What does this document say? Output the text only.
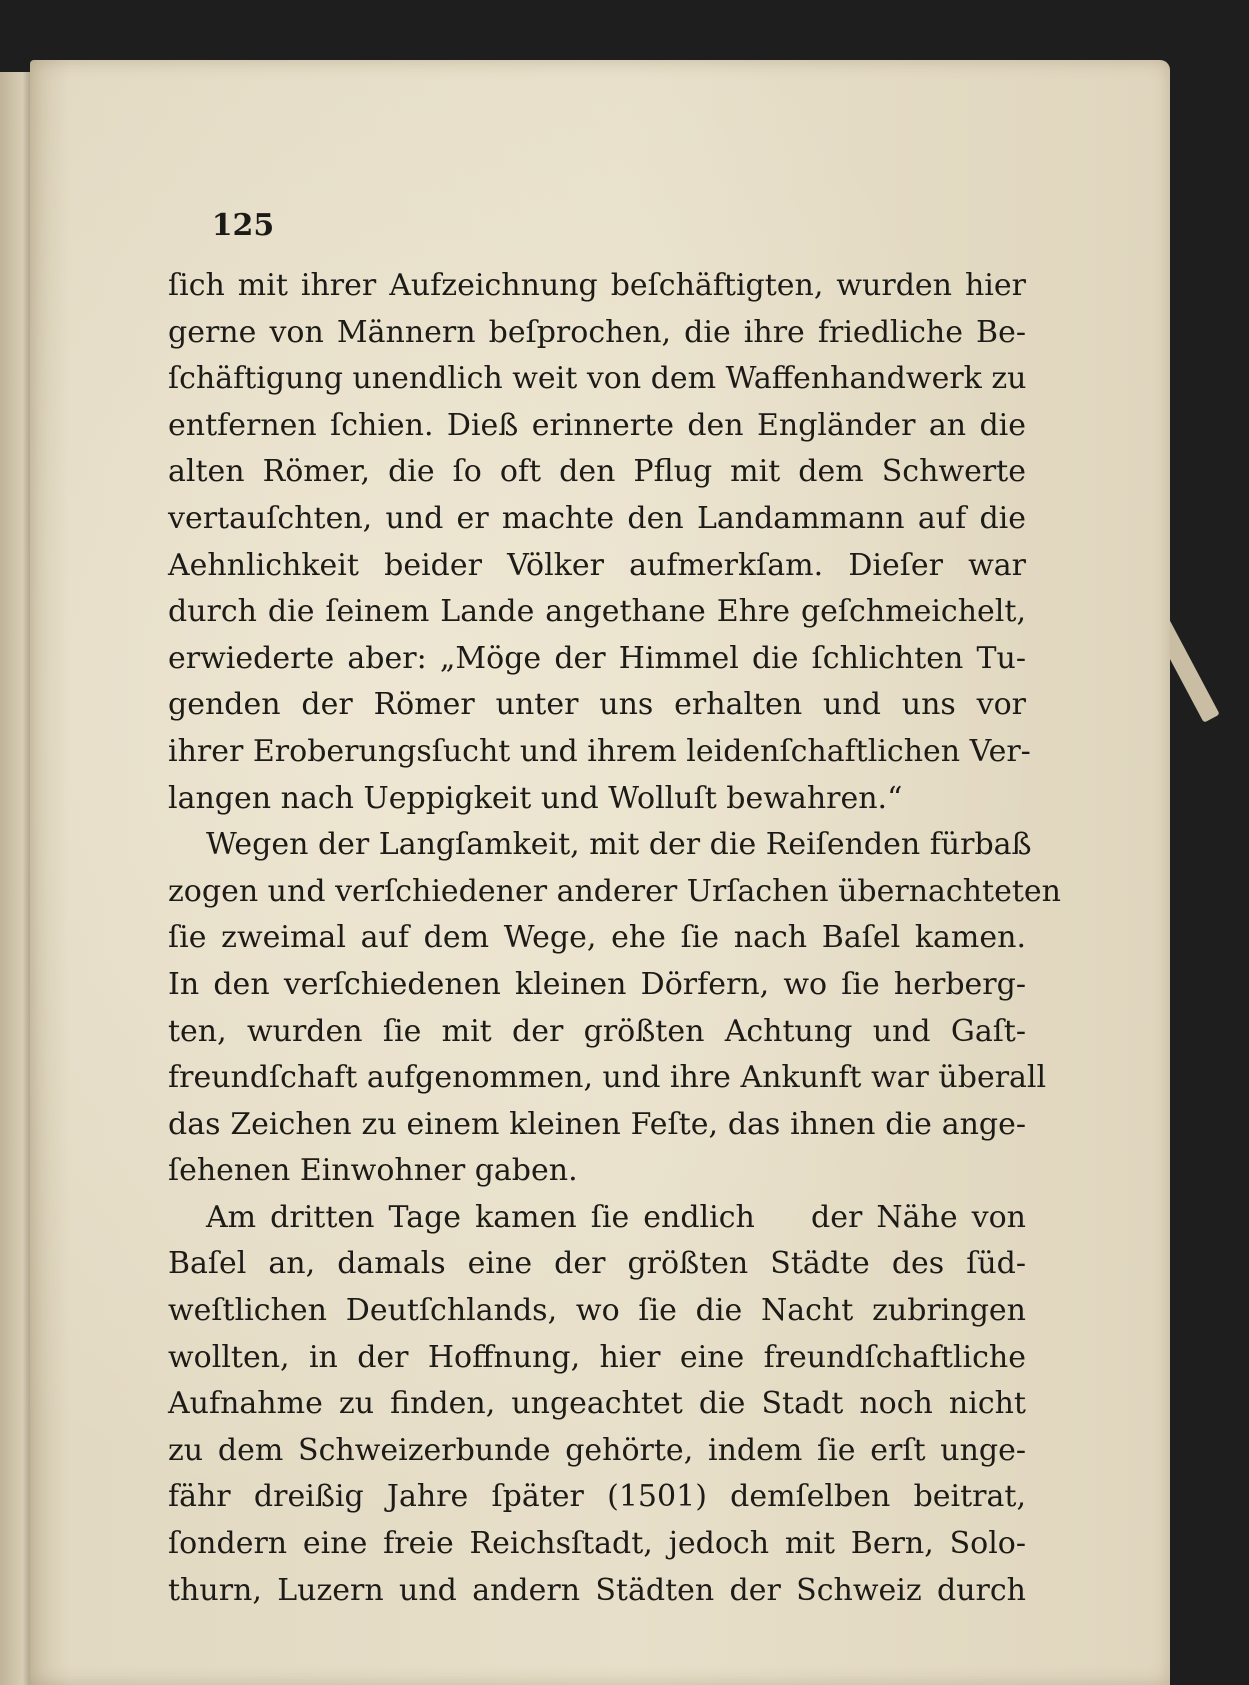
125
ſich mit ihrer Aufzeichnung beſchäftigten, wurden hier
gerne von Männern beſprochen, die ihre friedliche Be-
ſchäftigung unendlich weit von dem Waffenhandwerk zu
entfernen ſchien. Dieß erinnerte den Engländer an die
alten Römer, die ſo oft den Pflug mit dem Schwerte
vertauſchten, und er machte den Landammann auf die
Aehnlichkeit beider Völker aufmerkſam. Dieſer war
durch die ſeinem Lande angethane Ehre geſchmeichelt,
erwiederte aber: „Möge der Himmel die ſchlichten Tu-
genden der Römer unter uns erhalten und uns vor
ihrer Eroberungsſucht und ihrem leidenſchaftlichen Ver-
langen nach Ueppigkeit und Wolluſt bewahren.“
Wegen der Langſamkeit, mit der die Reiſenden fürbaß
zogen und verſchiedener anderer Urſachen übernachteten
ſie zweimal auf dem Wege, ehe ſie nach Baſel kamen.
In den verſchiedenen kleinen Dörfern, wo ſie herberg-
ten, wurden ſie mit der größten Achtung und Gaſt-
freundſchaft aufgenommen, und ihre Ankunft war überall
das Zeichen zu einem kleinen Feſte, das ihnen die ange-
ſehenen Einwohner gaben.
Am dritten Tage kamen ſie endlich    der Nähe von
Baſel an, damals eine der größten Städte des ſüd-
weſtlichen Deutſchlands, wo ſie die Nacht zubringen
wollten, in der Hoffnung, hier eine freundſchaftliche
Aufnahme zu finden, ungeachtet die Stadt noch nicht
zu dem Schweizerbunde gehörte, indem ſie erſt unge-
fähr dreißig Jahre ſpäter (1501) demſelben beitrat,
ſondern eine freie Reichsſtadt, jedoch mit Bern, Solo-
thurn, Luzern und andern Städten der Schweiz durch
